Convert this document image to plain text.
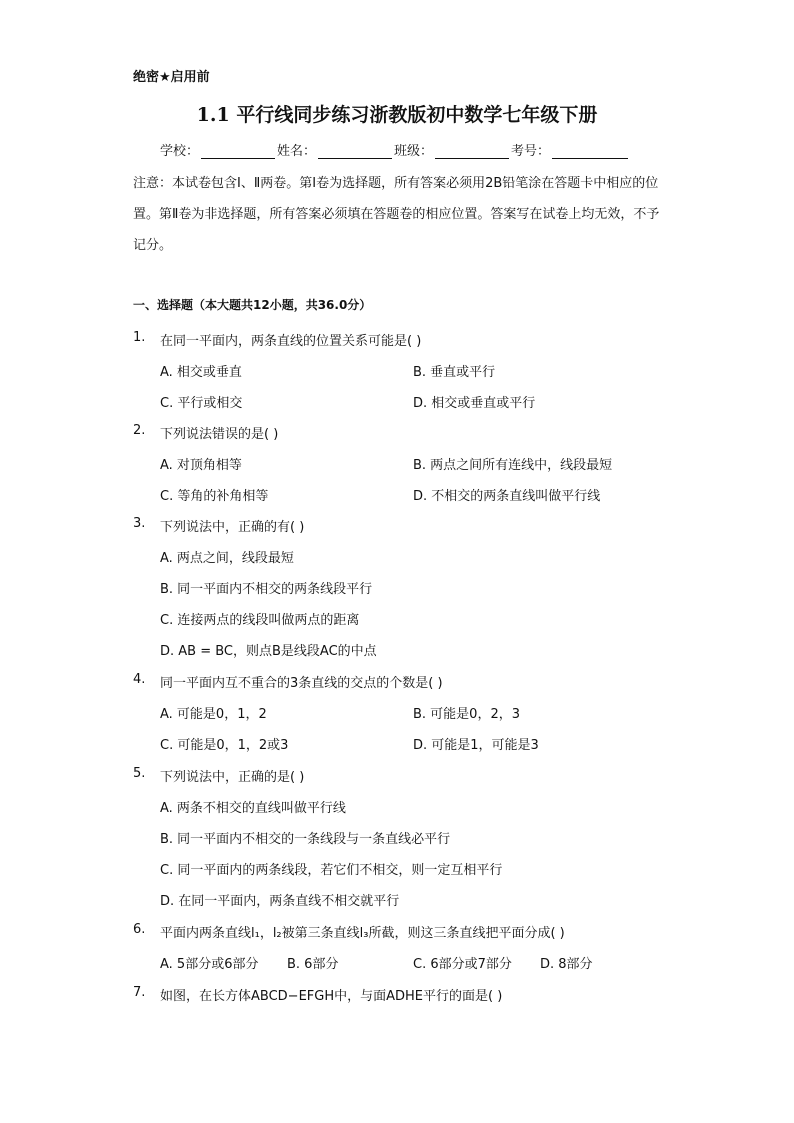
绝密★启用前
1.1 平行线同步练习浙教版初中数学七年级下册
学校：	姓名：	班级：	考号：
注意：本试卷包含Ⅰ、Ⅱ两卷。第Ⅰ卷为选择题，所有答案必须用2B铅笔涂在答题卡中相应的位置。第Ⅱ卷为非选择题，所有答案必须填在答题卷的相应位置。答案写在试卷上均无效，不予记分。
一、选择题（本大题共12小题，共36.0分）
1. 在同一平面内，两条直线的位置关系可能是( )
A. 相交或垂直	B. 垂直或平行
C. 平行或相交	D. 相交或垂直或平行
2. 下列说法错误的是( )
A. 对顶角相等	B. 两点之间所有连线中，线段最短
C. 等角的补角相等	D. 不相交的两条直线叫做平行线
3. 下列说法中，正确的有( )
A. 两点之间，线段最短
B. 同一平面内不相交的两条线段平行
C. 连接两点的线段叫做两点的距离
D. AB = BC，则点B是线段AC的中点
4. 同一平面内互不重合的3条直线的交点的个数是( )
A. 可能是0，1，2	B. 可能是0，2，3
C. 可能是0，1，2或3	D. 可能是1，可能是3
5. 下列说法中，正确的是( )
A. 两条不相交的直线叫做平行线
B. 同一平面内不相交的一条线段与一条直线必平行
C. 同一平面内的两条线段，若它们不相交，则一定互相平行
D. 在同一平面内，两条直线不相交就平行
6. 平面内两条直线l₁，l₂被第三条直线l₃所截，则这三条直线把平面分成( )
A. 5部分或6部分 B. 6部分	C. 6部分或7部分 D. 8部分
7. 如图，在长方体ABCD−EFGH中，与面ADHE平行的面是( )
